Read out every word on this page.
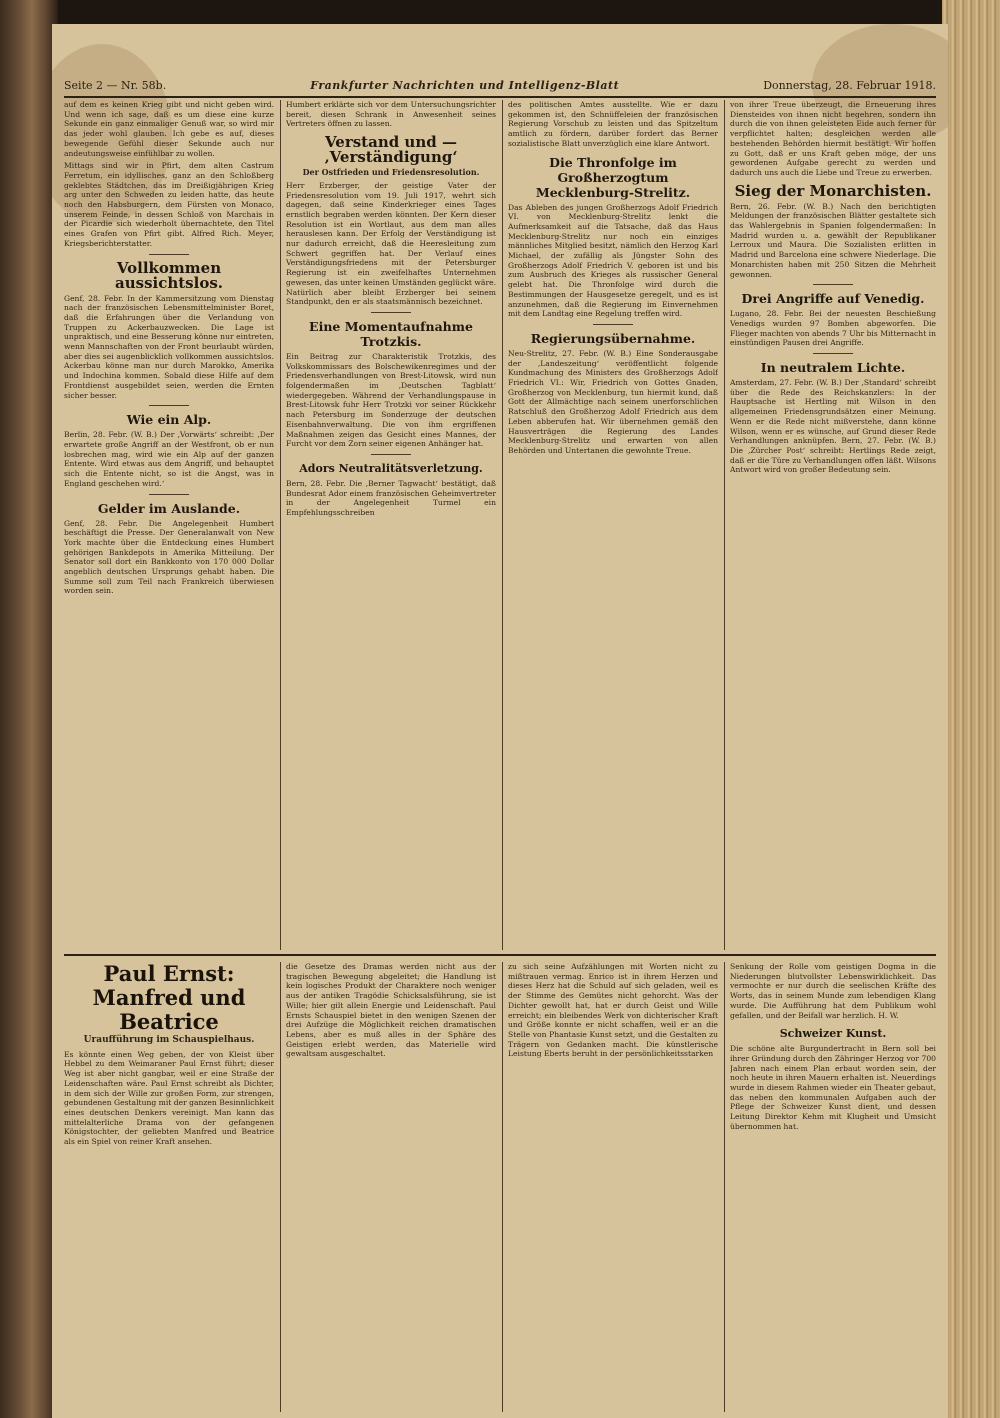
Seite 2 — Nr. 58b.	Frankfurter Nachrichten und Intelligenz-Blatt	Donnerstag, 28. Februar 1918.
auf dem es keinen Krieg gibt und nicht geben wird. Und wenn ich sage, daß es um diese eine kurze Sekunde ein ganz einmaliger Genuß war, so wird mir das jeder wohl glauben. Ich gebe es auf, dieses bewegende Gefühl dieser Sekunde auch nur andeutungsweise einfühlbar zu wollen.
Mittags sind wir in Pfirt, dem alten Castrum Ferretum, ein idyllisches, ganz an den Schloßberg geklebtes Städtchen, das im Dreißigjährigen Krieg arg unter den Schweden zu leiden hatte, das heute noch den Habsburgern, dem Fürsten von Monaco, unserem Feinde, in dessen Schloß von Marchais in der Picardie sich wiederholt übernachtete, den Titel eines Grafen von Pfirt gibt. Alfred Rich. Meyer, Kriegsberichterstatter.
Vollkommen aussichtslos.
Genf, 28. Febr. In der Kammersitzung vom Dienstag nach der französischen Lebensmittelminister Boret, daß die Erfahrungen über die Verlandung von Truppen zu Ackerbauzwecken. Die Lage ist unpraktisch, und eine Besserung könne nur eintreten, wenn Mannschaften von der Front beurlaubt würden, aber dies sei augenblicklich vollkommen aussichtslos. Ackerbau könne man nur durch Marokko, Amerika und Indochina kommen. Sobald diese Hilfe auf dem Frontdienst ausgebildet seien, werden die Ernten sicher besser.
Wie ein Alp.
Berlin, 28. Febr. (W. B.) Der ‚Vorwärts‘ schreibt: ‚Der erwartete große Angriff an der Westfront, ob er nun losbrechen mag, wird wie ein Alp auf der ganzen Entente. Wird etwas aus dem Angriff, und behauptet sich die Entente nicht, so ist die Angst, was in England geschehen wird.‘
Gelder im Auslande.
Genf, 28. Febr. Die Angelegenheit Humbert beschäftigt die Presse. Der Generalanwalt von New York machte über die Entdeckung eines Humbert gehörigen Bankdepots in Amerika Mitteilung. Der Senator soll dort ein Bankkonto von 170 000 Dollar angeblich deutschen Ursprungs gehabt haben. Die Summe soll zum Teil nach Frankreich überwiesen worden sein.
Humbert erklärte sich vor dem Untersuchungsrichter bereit, diesen Schrank in Anwesenheit seines Vertreters öffnen zu lassen.
Verstand und — ‚Verständigung‘
Der Ostfrieden und Friedensresolution.
Herr Erzberger, der geistige Vater der Friedensresolution vom 19. Juli 1917, wehrt sich dagegen, daß seine Kinderkrieger eines Tages ernstlich begraben werden könnten. Der Kern dieser Resolution ist ein Wortlaut, aus dem man alles herauslesen kann. Der Erfolg der Verständigung ist nur dadurch erreicht, daß die Heeresleitung zum Schwert gegriffen hat. Der Verlauf eines Verständigungsfriedens mit der Petersburger Regierung ist ein zweifelhaftes Unternehmen gewesen, das unter keinen Umständen geglückt wäre. Natürlich aber bleibt Erzberger bei seinem Standpunkt, den er als staatsmännisch bezeichnet.
Eine Momentaufnahme Trotzkis.
Ein Beitrag zur Charakteristik Trotzkis, des Volkskommissars des Bolschewikenregimes und der Friedensverhandlungen von Brest-Litowsk, wird nun folgendermaßen im ‚Deutschen Tagblatt‘ wiedergegeben. Während der Verhandlungspause in Brest-Litowsk fuhr Herr Trotzki vor seiner Rückkehr nach Petersburg im Sonderzuge der deutschen Eisenbahnverwaltung. Die von ihm ergriffenen Maßnahmen zeigen das Gesicht eines Mannes, der Furcht vor dem Zorn seiner eigenen Anhänger hat.
Adors Neutralitätsverletzung.
Bern, 28. Febr. Die ‚Berner Tagwacht‘ bestätigt, daß Bundesrat Ador einem französischen Geheimvertreter in der Angelegenheit Turmel ein Empfehlungsschreiben
des politischen Amtes ausstellte. Wie er dazu gekommen ist, den Schnüffeleien der französischen Regierung Vorschub zu leisten und das Spitzeltum amtlich zu fördern, darüber fordert das Berner sozialistische Blatt unverzüglich eine klare Antwort.
Die Thronfolge im Großherzogtum Mecklenburg-Strelitz.
Das Ableben des jungen Großherzogs Adolf Friedrich VI. von Mecklenburg-Strelitz lenkt die Aufmerksamkeit auf die Tatsache, daß das Haus Mecklenburg-Strelitz nur noch ein einziges männliches Mitglied besitzt, nämlich den Herzog Karl Michael, der zufällig als Jüngster Sohn des Großherzogs Adolf Friedrich V. geboren ist und bis zum Ausbruch des Krieges als russischer General gelebt hat. Die Thronfolge wird durch die Bestimmungen der Hausgesetze geregelt, und es ist anzunehmen, daß die Regierung im Einvernehmen mit dem Landtag eine Regelung treffen wird.
Regierungsübernahme.
Neu-Strelitz, 27. Febr. (W. B.) Eine Sonderausgabe der ‚Landeszeitung‘ veröffentlicht folgende Kundmachung des Ministers des Großherzogs Adolf Friedrich VI.: Wir, Friedrich von Gottes Gnaden, Großherzog von Mecklenburg, tun hiermit kund, daß Gott der Allmächtige nach seinem unerforschlichen Ratschluß den Großherzog Adolf Friedrich aus dem Leben abberufen hat. Wir übernehmen gemäß den Hausverträgen die Regierung des Landes Mecklenburg-Strelitz und erwarten von allen Behörden und Untertanen die gewohnte Treue.
von ihrer Treue überzeugt, die Erneuerung ihres Diensteides von ihnen nicht begehren, sondern ihn durch die von ihnen geleisteten Eide auch ferner für verpflichtet halten; desgleichen werden alle bestehenden Behörden hiermit bestätigt. Wir hoffen zu Gott, daß er uns Kraft geben möge, der uns gewordenen Aufgabe gerecht zu werden und dadurch uns auch die Liebe und Treue zu erwerben.
Sieg der Monarchisten.
Bern, 26. Febr. (W. B.) Nach den berichtigten Meldungen der französischen Blätter gestaltete sich das Wahlergebnis in Spanien folgendermaßen: In Madrid wurden u. a. gewählt der Republikaner Lerroux und Maura. Die Sozialisten erlitten in Madrid und Barcelona eine schwere Niederlage. Die Monarchisten haben mit 250 Sitzen die Mehrheit gewonnen.
Drei Angriffe auf Venedig.
Lugano, 28. Febr. Bei der neuesten Beschießung Venedigs wurden 97 Bomben abgeworfen. Die Flieger machten von abends 7 Uhr bis Mitternacht in einstündigen Pausen drei Angriffe.
In neutralem Lichte.
Amsterdam, 27. Febr. (W. B.) Der ‚Standard‘ schreibt über die Rede des Reichskanzlers: In der Hauptsache ist Hertling mit Wilson in den allgemeinen Friedensgrundsätzen einer Meinung. Wenn er die Rede nicht mißverstehe, dann könne Wilson, wenn er es wünsche, auf Grund dieser Rede Verhandlungen anknüpfen. Bern, 27. Febr. (W. B.) Die ‚Zürcher Post‘ schreibt: Hertlings Rede zeigt, daß er die Türe zu Verhandlungen offen läßt. Wilsons Antwort wird von großer Bedeutung sein.
Paul Ernst: Manfred und Beatrice
Uraufführung im Schauspielhaus.
Es könnte einen Weg geben, der von Kleist über Hebbel zu dem Weimaraner Paul Ernst führt; dieser Weg ist aber nicht gangbar, weil er eine Straße der Leidenschaften wäre. Paul Ernst schreibt als Dichter, in dem sich der Wille zur großen Form, zur strengen, gebundenen Gestaltung mit der ganzen Besinnlichkeit eines deutschen Denkers vereinigt. Man kann das mittelalterliche Drama von der gefangenen Königstochter, der geliebten Manfred und Beatrice als ein Spiel von reiner Kraft ansehen.
die Gesetze des Dramas werden nicht aus der tragischen Bewegung abgeleitet; die Handlung ist kein logisches Produkt der Charaktere noch weniger aus der antiken Tragödie Schicksalsführung, sie ist Wille; hier gilt allein Energie und Leidenschaft. Paul Ernsts Schauspiel bietet in den wenigen Szenen der drei Aufzüge die Möglichkeit reichen dramatischen Lebens, aber es muß alles in der Sphäre des Geistigen erlebt werden, das Materielle wird gewaltsam ausgeschaltet.
zu sich seine Aufzählungen mit Worten nicht zu mißtrauen vermag. Enrico ist in ihrem Herzen und dieses Herz hat die Schuld auf sich geladen, weil es der Stimme des Gemütes nicht gehorcht. Was der Dichter gewollt hat, hat er durch Geist und Wille erreicht; ein bleibendes Werk von dichterischer Kraft und Größe konnte er nicht schaffen, weil er an die Stelle von Phantasie Kunst setzt, und die Gestalten zu Trägern von Gedanken macht. Die künstlerische Leistung Eberts beruht in der persönlichkeitsstarken
Senkung der Rolle vom geistigen Dogma in die Niederungen blutvollster Lebenswirklichkeit. Das vermochte er nur durch die seelischen Kräfte des Worts, das in seinem Munde zum lebendigen Klang wurde. Die Aufführung hat dem Publikum wohl gefallen, und der Beifall war herzlich. H. W.
Schweizer Kunst.
Die schöne alte Burgundertracht in Bern soll bei ihrer Gründung durch den Zähringer Herzog vor 700 Jahren nach einem Plan erbaut worden sein, der noch heute in ihren Mauern erhalten ist. Neuerdings wurde in diesem Rahmen wieder ein Theater gebaut, das neben den kommunalen Aufgaben auch der Pflege der Schweizer Kunst dient, und dessen Leitung Direktor Kehm mit Klugheit und Umsicht übernommen hat.
